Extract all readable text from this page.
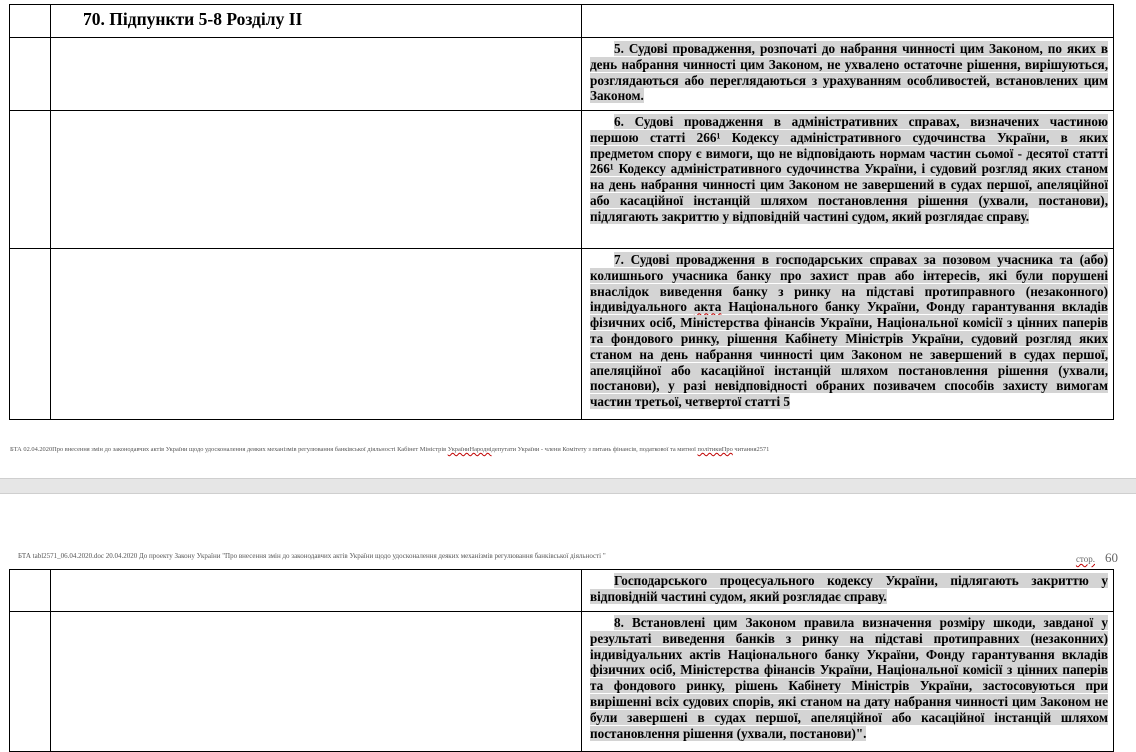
	70. Підпункти 5-8 Розділу ІІ	

		5. Судові провадження, розпочаті до набрання чинності цим Законом, по яких в день набрання чинності цим Законом, не ухвалено остаточне рішення, вирішуються, розглядаються або переглядаються з урахуванням особливостей, встановлених цим Законом.

		6. Судові провадження в адміністративних справах, визначених частиною першою статті 266¹ Кодексу адміністративного судочинства України, в яких предметом спору є вимоги, що не відповідають нормам частин сьомої - десятої статті 266¹ Кодексу адміністративного судочинства України, і судовий розгляд яких станом на день набрання чинності цим Законом не завершений в судах першої, апеляційної або касаційної інстанцій шляхом постановлення рішення (ухвали, постанови), підлягають закриттю у відповідній частині судом, який розглядає справу.

		7. Судові провадження в господарських справах за позовом учасника та (або) колишнього учасника банку про захист прав або інтересів, які були порушені внаслідок виведення банку з ринку на підставі протиправного (незаконного) індивідуального акта Національного банку України, Фонду гарантування вкладів фізичних осіб, Міністерства фінансів України, Національної комісії з цінних паперів та фондового ринку, рішення Кабінету Міністрів України, судовий розгляд яких станом на день набрання чинності цим Законом не завершений в судах першої, апеляційної або касаційної інстанцій шляхом постановлення рішення (ухвали, постанови), у разі невідповідності обраних позивачем способів захисту вимогам частин третьої, четвертої статті 5
БТА 02.04.2020Про внесення змін до законодавчих актів України щодо удосконалення деяких механізмів регулювання банківської діяльності Кабінет Міністрів УкраїниНароднідепутати України - члени Комітету з питань фінансів, податкової та митної політикиПро читання2571
БТА tabl2571_06.04.2020.doc 20.04.2020 До проекту Закону України "Про внесення змін до законодавчих актів України щодо удосконалення деяких механізмів регулювання банківської діяльності "	стор. 60

		Господарського процесуального кодексу України, підлягають закриттю у відповідній частині судом, який розглядає справу.

		8. Встановлені цим Законом правила визначення розміру шкоди, завданої у результаті виведення банків з ринку на підставі протиправних (незаконних) індивідуальних актів Національного банку України, Фонду гарантування вкладів фізичних осіб, Міністерства фінансів України, Національної комісії з цінних паперів та фондового ринку, рішень Кабінету Міністрів України, застосовуються при вирішенні всіх судових спорів, які станом на дату набрання чинності цим Законом не були завершені в судах першої, апеляційної або касаційної інстанцій шляхом постановлення рішення (ухвали, постанови)".
